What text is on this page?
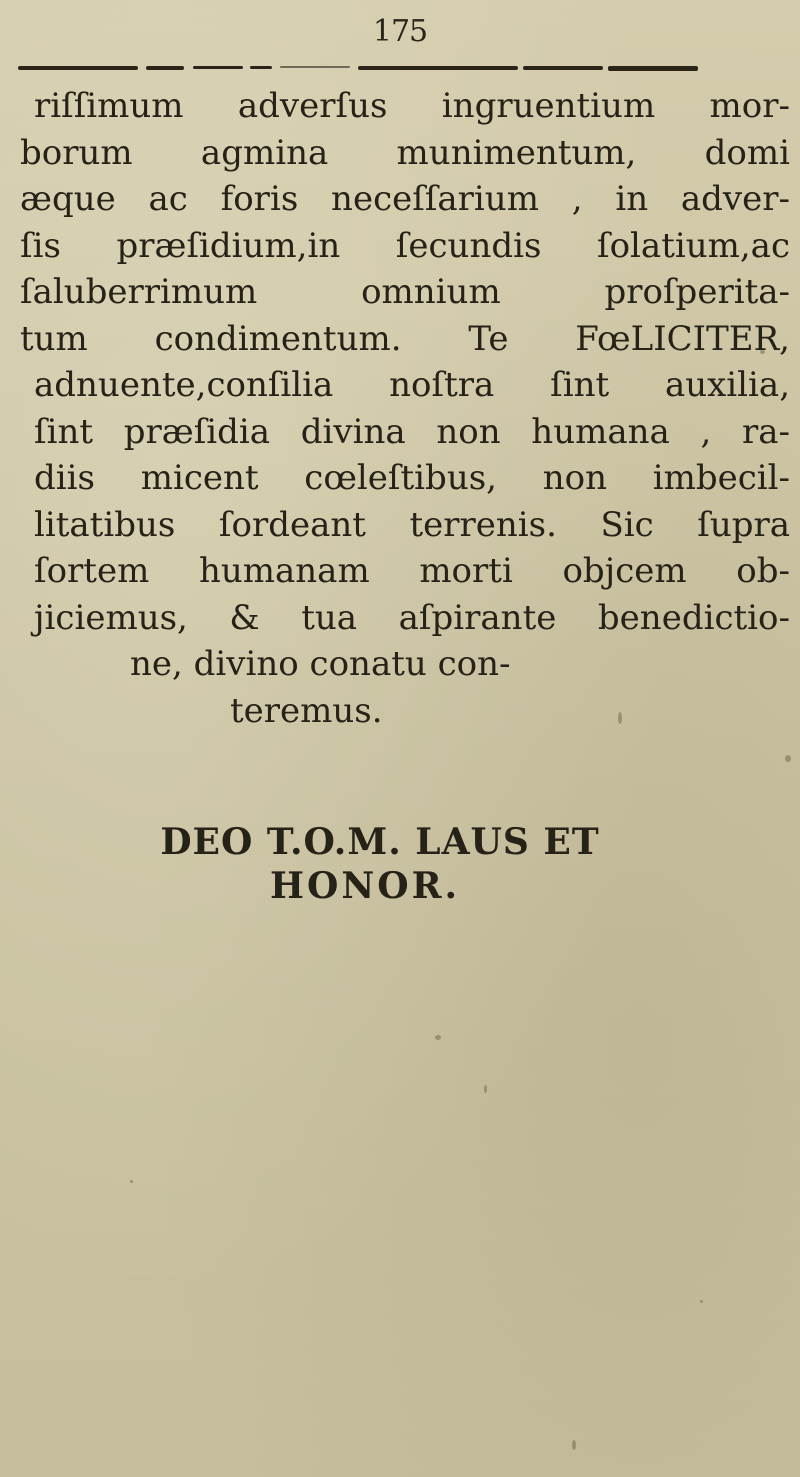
175
riſſimum adverſus ingruentium mor-
borum agmina munimentum, domi
æque ac foris neceſſarium , in adver-
ſis præſidium,in ſecundis ſolatium,ac
ſaluberrimum omnium proſperita-
tum condimentum. Te FœLICITER,
adnuente,conſilia noſtra ſint auxilia,
ſint præſidia divina non humana , ra-
diis micent cœleſtibus, non imbecil-
litatibus ſordeant terrenis. Sic ſupra
ſortem humanam morti objcem ob-
jiciemus, & tua aſpirante benedictio-
ne, divino conatu con-
teremus.
DEO T.O.M. LAUS ET
HONOR.
